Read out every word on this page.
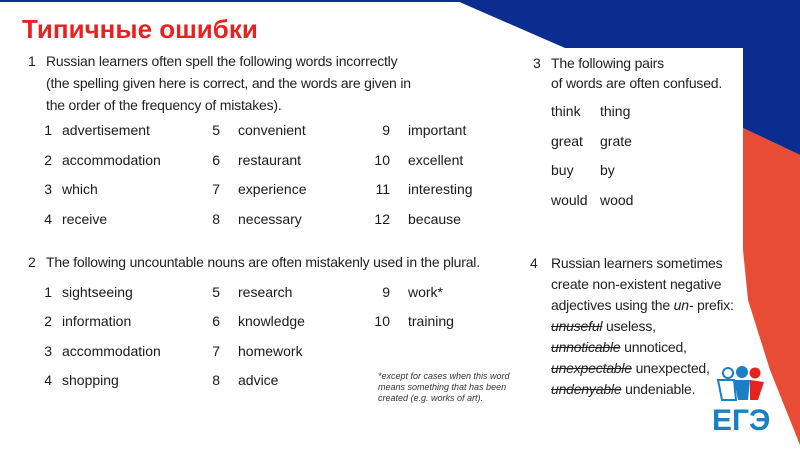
Типичные ошибки
1 Russian learners often spell the following words incorrectly
(the spelling given here is correct, and the words are given in
the order of the frequency of mistakes).
1 advertisement
2 accommodation
3 which
4 receive
5 convenient
6 restaurant
7 experience
8 necessary
9 important
10 excellent
11 interesting
12 because
2 The following uncountable nouns are often mistakenly used in the plural.
1 sightseeing
2 information
3 accommodation
4 shopping
5 research
6 knowledge
7 homework
8 advice
9 work*
10 training
*except for cases when this word
means something that has been
created (e.g. works of art).
3 The following pairs
of words are often confused.
think thing
great grate
buy by
would wood
4 Russian learners sometimes
create non-existent negative
adjectives using the un- prefix:
unuseful useless,
unnoticable unnoticed,
unexpectable unexpected,
undenyable undeniable.
ЕГЭ
